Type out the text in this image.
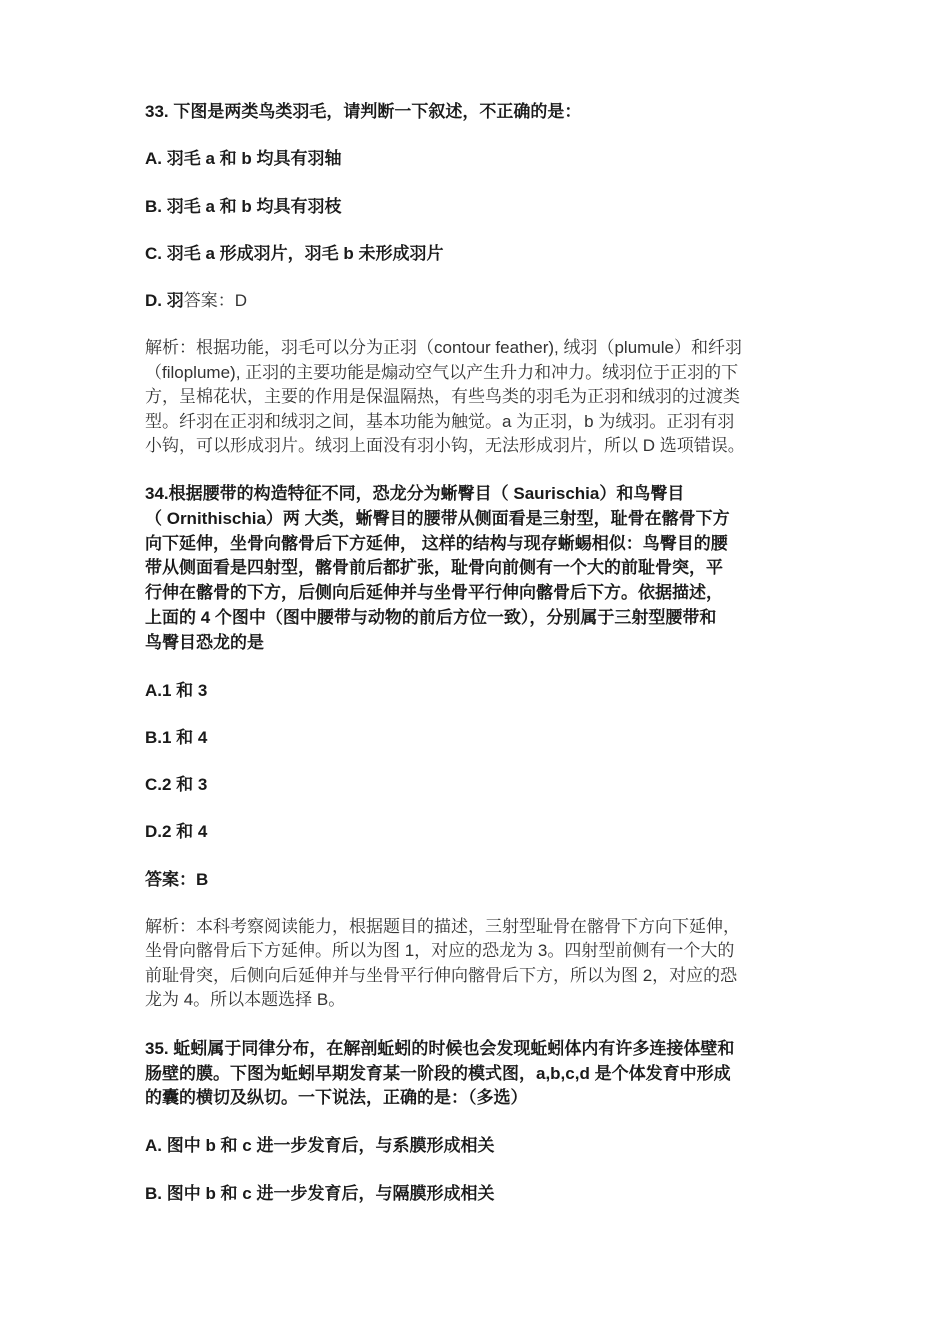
33. 下图是两类鸟类羽毛，请判断一下叙述，不正确的是：
A. 羽毛 a 和 b 均具有羽轴
B. 羽毛 a 和 b 均具有羽枝
C. 羽毛 a 形成羽片，羽毛 b 未形成羽片
D. 羽答案：D
解析：根据功能，羽毛可以分为正羽（contour feather), 绒羽（plumule）和纤羽
（filoplume), 正羽的主要功能是煽动空气以产生升力和冲力。绒羽位于正羽的下
方，呈棉花状，主要的作用是保温隔热，有些鸟类的羽毛为正羽和绒羽的过渡类
型。纤羽在正羽和绒羽之间，基本功能为触觉。a 为正羽，b 为绒羽。正羽有羽
小钩，可以形成羽片。绒羽上面没有羽小钩，无法形成羽片，所以 D 选项错误。
34.根据腰带的构造特征不同，恐龙分为蜥臀目（ Saurischia）和鸟臀目
（ Ornithischia）两 大类，蜥臀目的腰带从侧面看是三射型，耻骨在髂骨下方
向下延伸，坐骨向髂骨后下方延伸， 这样的结构与现存蜥蜴相似：鸟臀目的腰
带从侧面看是四射型，髂骨前后都扩张，耻骨向前侧有一个大的前耻骨突，平
行伸在髂骨的下方，后侧向后延伸并与坐骨平行伸向髂骨后下方。依据描述，
上面的 4 个图中（图中腰带与动物的前后方位一致），分别属于三射型腰带和
鸟臀目恐龙的是
A.1 和 3
B.1 和 4
C.2 和 3
D.2 和 4
答案：B
解析：本科考察阅读能力，根据题目的描述，三射型耻骨在髂骨下方向下延伸，
坐骨向髂骨后下方延伸。所以为图 1，对应的恐龙为 3。四射型前侧有一个大的
前耻骨突，后侧向后延伸并与坐骨平行伸向髂骨后下方，所以为图 2，对应的恐
龙为 4。所以本题选择 B。
35. 蚯蚓属于同律分布，在解剖蚯蚓的时候也会发现蚯蚓体内有许多连接体壁和
肠壁的膜。下图为蚯蚓早期发育某一阶段的模式图，a,b,c,d 是个体发育中形成
的囊的横切及纵切。一下说法，正确的是：（多选）
A. 图中 b 和 c 进一步发育后，与系膜形成相关
B. 图中 b 和 c 进一步发育后，与隔膜形成相关
